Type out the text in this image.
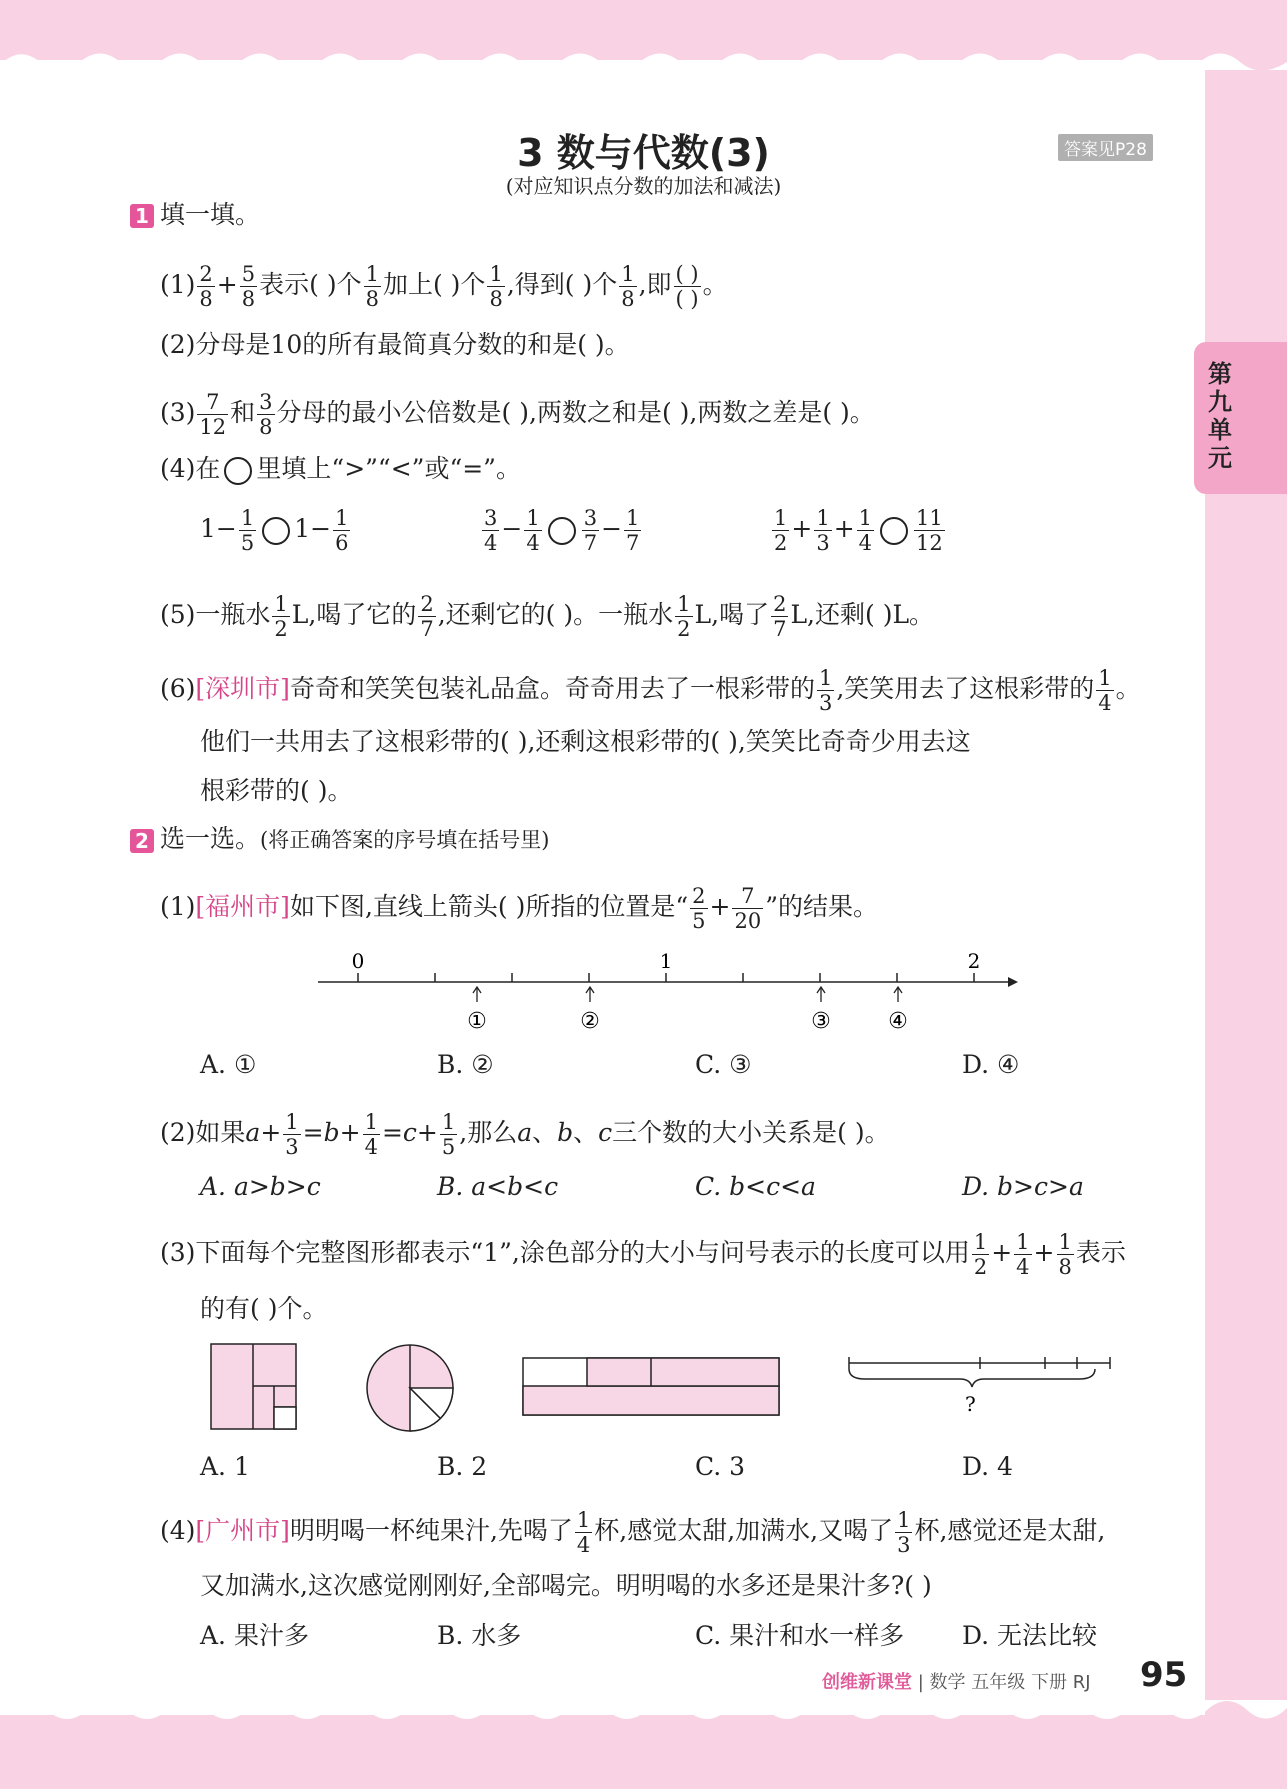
3 数与代数(3)
(对应知识点分数的加法和减法)
答案见P28
第九单元
1 填一填。
$(1) \frac{2}{8} + \frac{5}{8}$ 表示( )个 $\frac{1}{8}$ 加上( )个 $\frac{1}{8}$ ,得到( )个 $\frac{1}{8}$ ,即 $\frac{( )}{( )}$ 。
(2)分母是10的所有最简真分数的和是( )。
$(3) \frac{7}{12}$ 和 $\frac{3}{8}$ 分母的最小公倍数是( ),两数之和是( ),两数之差是( )。
(4)在 里填上“>”“<”或“=”。
$1- \frac{1}{5} 1- \frac{1}{6}$	$\frac{3}{4} - \frac{1}{4} \frac{3}{7} - \frac{1}{7}$	$\frac{1}{2} + \frac{1}{3} + \frac{1}{4} \frac{11}{12}$
(5)一瓶水 $\frac{1}{2} L$,喝了它的 $\frac{2}{7}$ ,还剩它的( )。一瓶水 $\frac{1}{2} L$,喝了 $\frac{2}{7} L$,还剩( )L。
(6)[深圳市]奇奇和笑笑包装礼品盒。奇奇用去了一根彩带的 $\frac{1}{3}$ ,笑笑用去了这根彩带的 $\frac{1}{4}$ 。
他们一共用去了这根彩带的( ),还剩这根彩带的( ),笑笑比奇奇少用去这
根彩带的( )。
2 选一选。(将正确答案的序号填在括号里)
(1)[福州市]如下图,直线上箭头( )所指的位置是“ $\frac{2}{5} + \frac{7}{20}$ ”的结果。
0	1	2
①	②	③	④
A. ①	B. ②	C. ③	D. ④
(2)如果$a+ \frac{1}{3} =b+ \frac{1}{4} =c+ \frac{1}{5}$ ,那么a、b、c三个数的大小关系是( )。
A. a>b>c	B. a<b<c	C. b<c<a	D. b>c>a
(3)下面每个完整图形都表示“1”,涂色部分的大小与问号表示的长度可以用 $\frac{1}{2} + \frac{1}{4} + \frac{1}{8}$ 表示
的有( )个。
?
A. 1	B. 2	C. 3	D. 4
(4)[广州市]明明喝一杯纯果汁,先喝了 $\frac{1}{4}$ 杯,感觉太甜,加满水,又喝了 $\frac{1}{3}$ 杯,感觉还是太甜,
又加满水,这次感觉刚刚好,全部喝完。明明喝的水多还是果汁多?( )
A. 果汁多	B. 水多	C. 果汁和水一样多 D. 无法比较
创维新课堂 | 数学 五年级 下册 RJ 95
